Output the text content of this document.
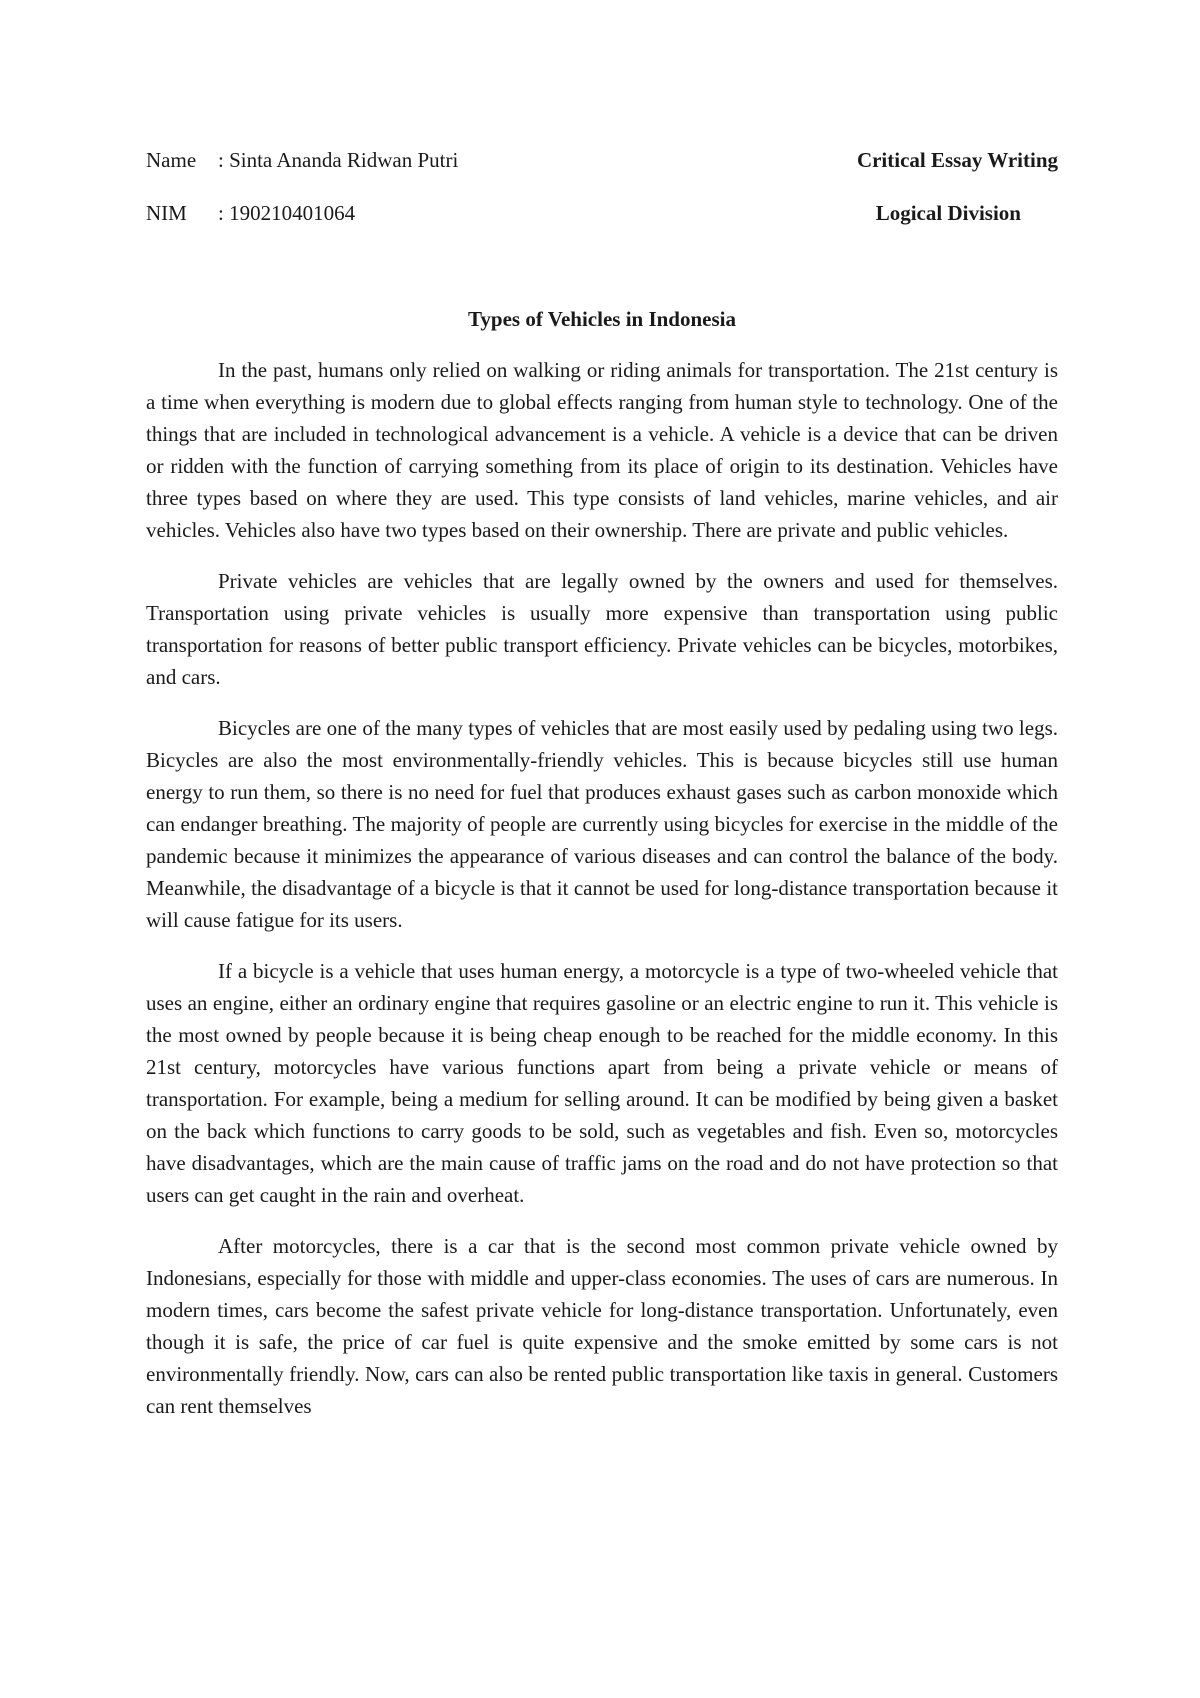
Name : Sinta Ananda Ridwan Putri	Critical Essay Writing
NIM : 190210401064	Logical Division
Types of Vehicles in Indonesia

In the past, humans only relied on walking or riding animals for transportation. The 21st century is a time when everything is modern due to global effects ranging from human style to technology. One of the things that are included in technological advancement is a vehicle. A vehicle is a device that can be driven or ridden with the function of carrying something from its place of origin to its destination. Vehicles have three types based on where they are used. This type consists of land vehicles, marine vehicles, and air vehicles. Vehicles also have two types based on their ownership. There are private and public vehicles.

Private vehicles are vehicles that are legally owned by the owners and used for themselves. Transportation using private vehicles is usually more expensive than transportation using public transportation for reasons of better public transport efficiency. Private vehicles can be bicycles, motorbikes, and cars.

Bicycles are one of the many types of vehicles that are most easily used by pedaling using two legs. Bicycles are also the most environmentally-friendly vehicles. This is because bicycles still use human energy to run them, so there is no need for fuel that produces exhaust gases such as carbon monoxide which can endanger breathing. The majority of people are currently using bicycles for exercise in the middle of the pandemic because it minimizes the appearance of various diseases and can control the balance of the body. Meanwhile, the disadvantage of a bicycle is that it cannot be used for long-distance transportation because it will cause fatigue for its users.

If a bicycle is a vehicle that uses human energy, a motorcycle is a type of two-wheeled vehicle that uses an engine, either an ordinary engine that requires gasoline or an electric engine to run it. This vehicle is the most owned by people because it is being cheap enough to be reached for the middle economy. In this 21st century, motorcycles have various functions apart from being a private vehicle or means of transportation. For example, being a medium for selling around. It can be modified by being given a basket on the back which functions to carry goods to be sold, such as vegetables and fish. Even so, motorcycles have disadvantages, which are the main cause of traffic jams on the road and do not have protection so that users can get caught in the rain and overheat.

After motorcycles, there is a car that is the second most common private vehicle owned by Indonesians, especially for those with middle and upper-class economies. The uses of cars are numerous. In modern times, cars become the safest private vehicle for long-distance transportation. Unfortunately, even though it is safe, the price of car fuel is quite expensive and the smoke emitted by some cars is not environmentally friendly. Now, cars can also be rented public transportation like taxis in general. Customers can rent themselves
